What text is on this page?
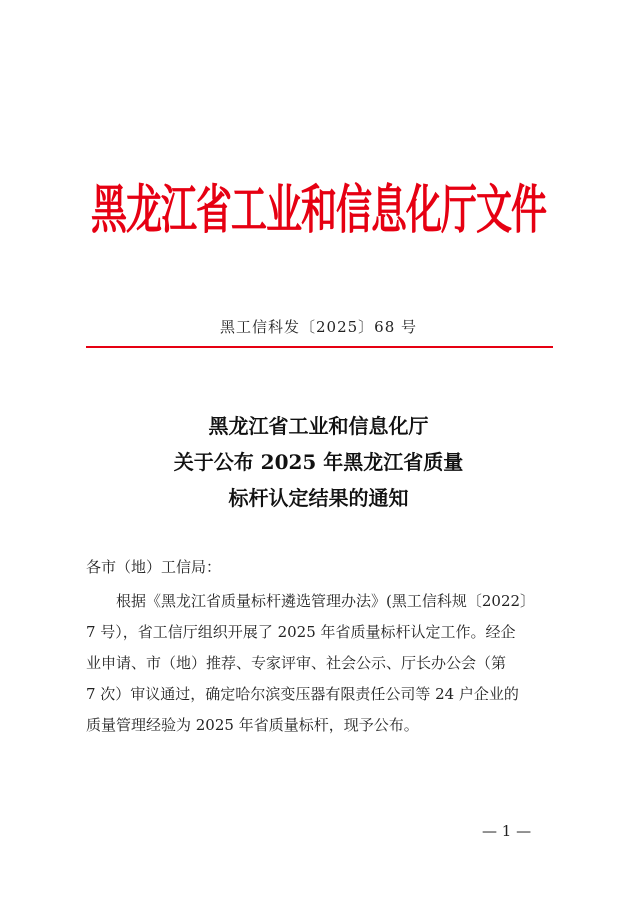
黑龙江省工业和信息化厅文件
黑工信科发〔2025〕68 号
黑龙江省工业和信息化厅
关于公布 2025 年黑龙江省质量
标杆认定结果的通知
各市（地）工信局：
根据《黑龙江省质量标杆遴选管理办法》(黑工信科规〔2022〕
7 号），省工信厅组织开展了 2025 年省质量标杆认定工作。经企
业申请、市（地）推荐、专家评审、社会公示、厅长办公会（第
7 次）审议通过，确定哈尔滨变压器有限责任公司等 24 户企业的
质量管理经验为 2025 年省质量标杆，现予公布。
— 1 —
